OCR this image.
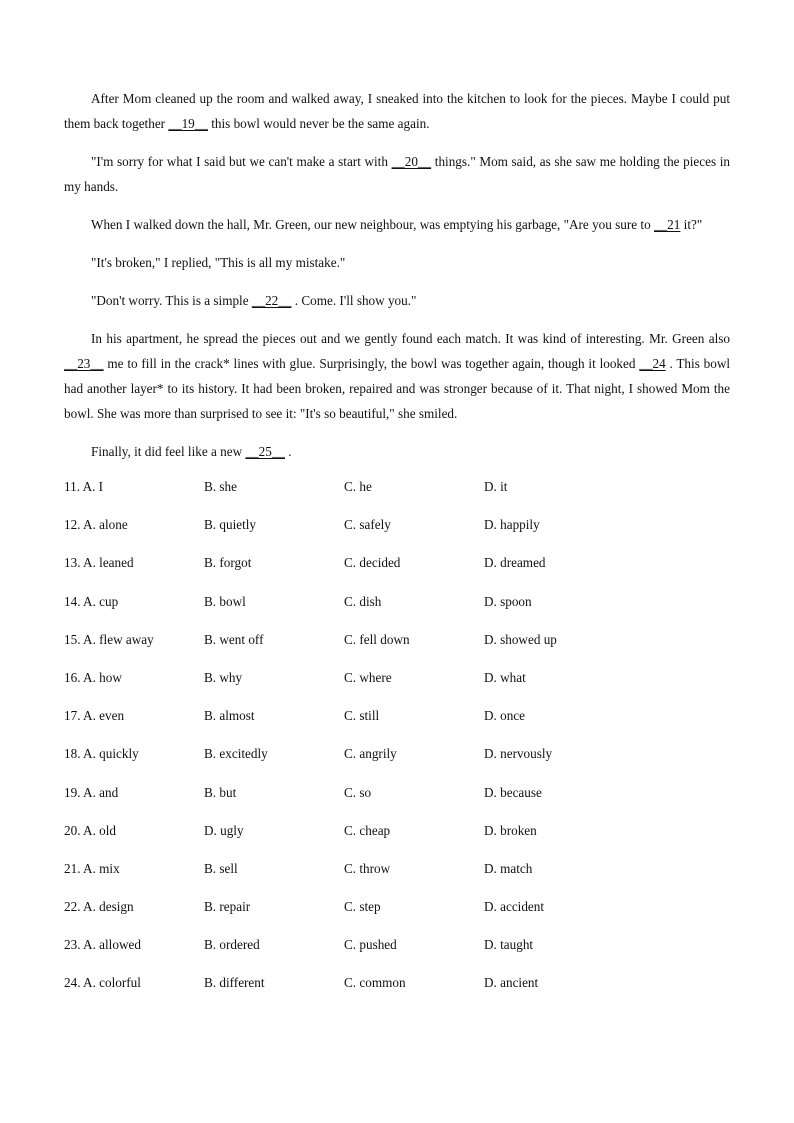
After Mom cleaned up the room and walked away, I sneaked into the kitchen to look for the pieces. Maybe I could put them back together __19__ this bowl would never be the same again.

"I'm sorry for what I said but we can't make a start with __20__ things." Mom said, as she saw me holding the pieces in my hands.

When I walked down the hall, Mr. Green, our new neighbour, was emptying his garbage, "Are you sure to __21 it?"

"It's broken," I replied, "This is all my mistake."

"Don't worry. This is a simple __22__ . Come. I'll show you."

In his apartment, he spread the pieces out and we gently found each match. It was kind of interesting. Mr. Green also __23__ me to fill in the crack* lines with glue. Surprisingly, the bowl was together again, though it looked __24 . This bowl had another layer* to its history. It had been broken, repaired and was stronger because of it. That night, I showed Mom the bowl. She was more than surprised to see it: "It's so beautiful," she smiled.

Finally, it did feel like a new __25__ .

11. A. I	B. she	C. he	D. it
12. A. alone	B. quietly	C. safely	D. happily
13. A. leaned	B. forgot	C. decided	D. dreamed
14. A. cup	B. bowl	C. dish	D. spoon
15. A. flew away	B. went off	C. fell down	D. showed up
16. A. how	B. why	C. where	D. what
17. A. even	B. almost	C. still	D. once
18. A. quickly	B. excitedly	C. angrily	D. nervously
19. A. and	B. but	C. so	D. because
20. A. old	D. ugly	C. cheap	D. broken
21. A. mix	B. sell	C. throw	D. match
22. A. design	B. repair	C. step	D. accident
23. A. allowed	B. ordered	C. pushed	D. taught
24. A. colorful	B. different	C. common	D. ancient
